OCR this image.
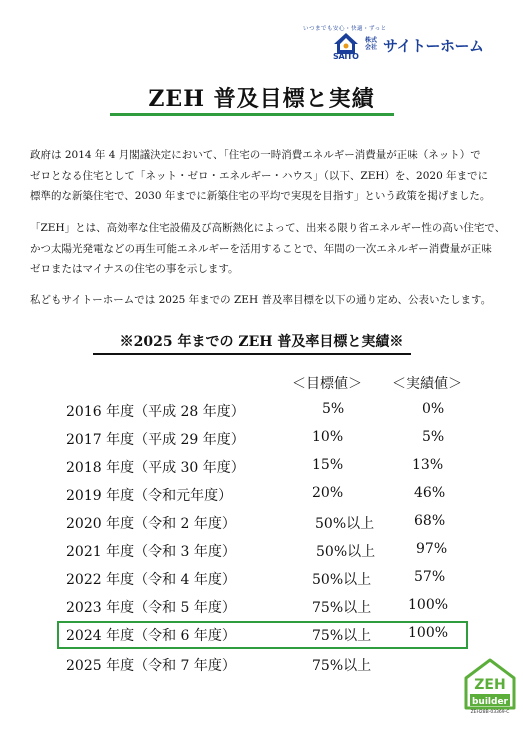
いつまでも安心・快適・ずっと
SAITO
株式会社 サイトーホーム
ZEH 普及目標と実績
政府は 2014 年 4 月閣議決定において、「住宅の一時消費エネルギー消費量が正味（ネット）で
ゼロとなる住宅として「ネット・ゼロ・エネルギー・ハウス」（以下、ZEH）を、2020 年までに
標準的な新築住宅で、2030 年までに新築住宅の平均で実現を目指す」という政策を掲げました。
「ZEH」とは、高効率な住宅設備及び高断熱化によって、出来る限り省エネルギー性の高い住宅で、
かつ太陽光発電などの再生可能エネルギーを活用することで、年間の一次エネルギー消費量が正味
ゼロまたはマイナスの住宅の事を示します。
私どもサイトーホームでは 2025 年までの ZEH 普及率目標を以下の通り定め、公表いたします。
※2025 年までの ZEH 普及率目標と実績※
＜目標値＞ ＜実績値＞
2016 年度（平成 28 年度）	5%	0%
2017 年度（平成 29 年度）	10%	5%
2018 年度（平成 30 年度）	15%	13%
2019 年度（令和元年度）	20%	46%
2020 年度（令和 2 年度）	50%以上	68%
2021 年度（令和 3 年度）	50%以上	97%
2022 年度（令和 4 年度）	50%以上	57%
2023 年度（令和 5 年度）	75%以上	100%
2024 年度（令和 6 年度）	75%以上	100%
2025 年度（令和 7 年度）	75%以上
ZEH
builder
ZEH28B-03369-C
